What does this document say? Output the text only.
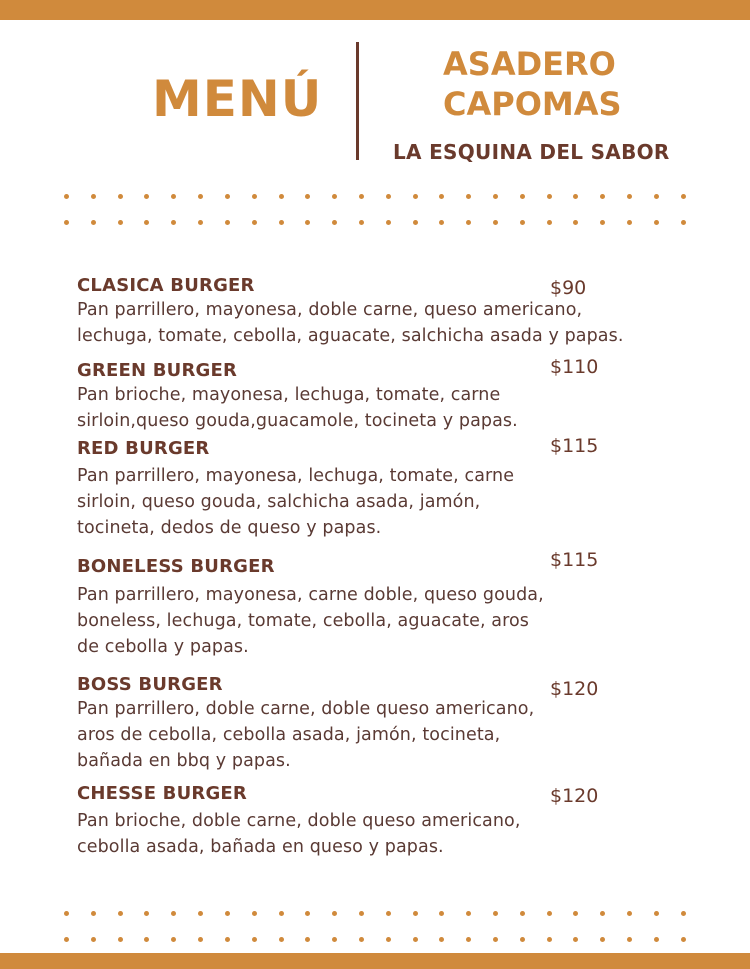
MENÚ
ASADERO
CAPOMAS
LA ESQUINA DEL SABOR
CLASICA BURGER	$90
Pan parrillero, mayonesa, doble carne, queso americano,
lechuga, tomate, cebolla, aguacate, salchicha asada y papas.
GREEN BURGER	$110
Pan brioche, mayonesa, lechuga, tomate, carne
sirloin,queso gouda,guacamole, tocineta y papas.
RED BURGER	$115
Pan parrillero, mayonesa, lechuga, tomate, carne
sirloin, queso gouda, salchicha asada, jamón,
tocineta, dedos de queso y papas.
BONELESS BURGER	$115
Pan parrillero, mayonesa, carne doble, queso gouda,
boneless, lechuga, tomate, cebolla, aguacate, aros
de cebolla y papas.
BOSS BURGER	$120
Pan parrillero, doble carne, doble queso americano,
aros de cebolla, cebolla asada, jamón, tocineta,
bañada en bbq y papas.
CHESSE BURGER	$120
Pan brioche, doble carne, doble queso americano,
cebolla asada, bañada en queso y papas.
